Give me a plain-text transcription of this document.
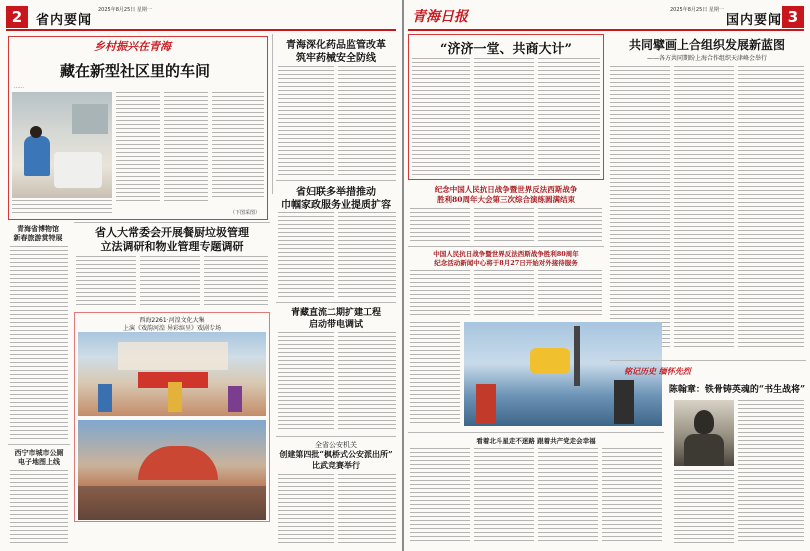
2	省内要闻
2025年8月25日 星期一
乡村振兴在青海
藏在新型社区里的车间
……
（下图采图）
青海深化药品监管改革
筑牢药械安全防线
省妇联多举措推动
巾帼家政服务业提质扩容
青海省博物馆
新春旅游赏特展	省人大常委会开展餐厨垃圾管理
立法调研和物业管理专题调研
西海2261·河湟文化大集
上演《戏韵河湟 异彩缤呈》戏剧专场
西宁市城市公厕
电子地图上线
青藏直流二期扩建工程
启动带电调试
全省公安机关
创建第四批“枫桥式公安派出所”
比武竞赛举行
青海日报	2025年8月25日 星期一
国内要闻 3
“济济一堂、共商大计”	共同擘画上合组织发展新蓝图
——各方共同期盼上海合作组织天津峰会举行
纪念中国人民抗日战争暨世界反法西斯战争
胜利80周年大会第三次综合演练圆满结束
中国人民抗日战争暨世界反法西斯战争胜利80周年
纪念活动新闻中心将于8月27日开始对外接待服务
看着北斗星走不迷路 跟着共产党走会幸福
铭记历史 缅怀先烈
陈翰章：铁骨铸英魂的“书生战将”
